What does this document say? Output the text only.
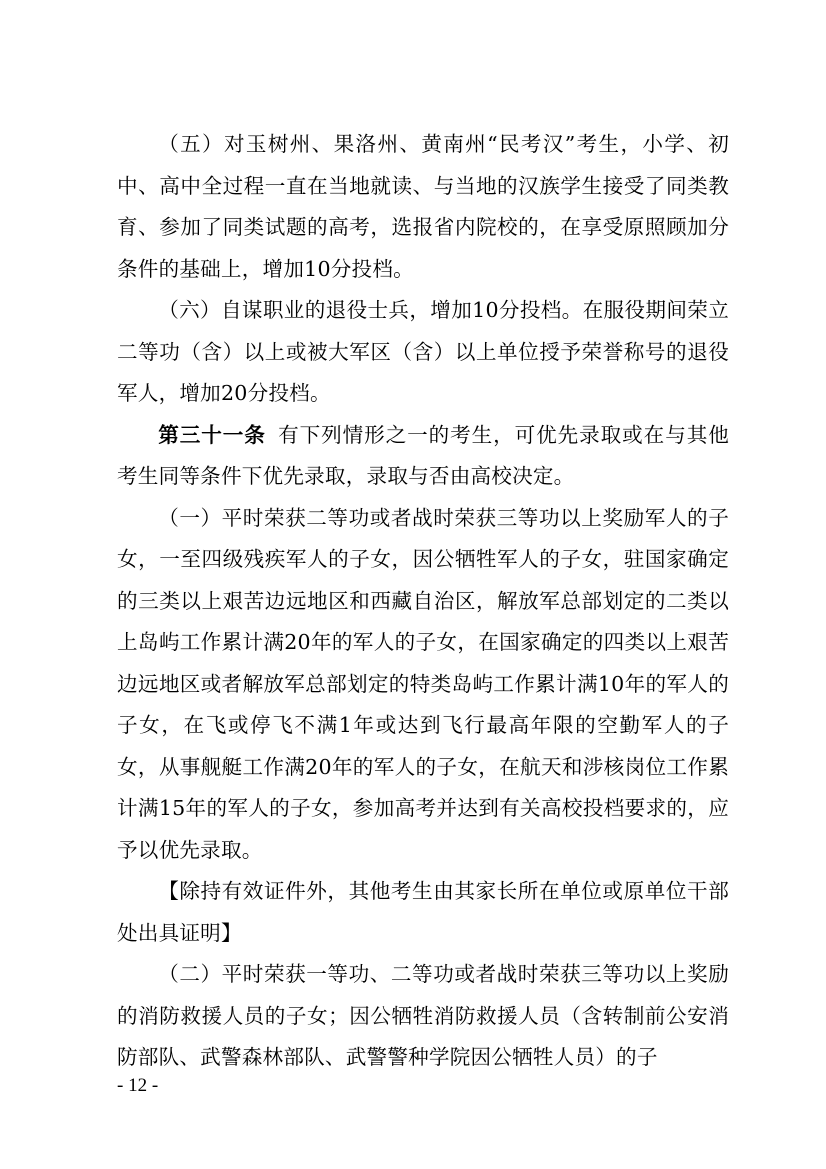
（五）对玉树州、果洛州、黄南州“民考汉”考生，小学、初中、高中全过程一直在当地就读、与当地的汉族学生接受了同类教育、参加了同类试题的高考，选报省内院校的，在享受原照顾加分条件的基础上，增加10分投档。

（六）自谋职业的退役士兵，增加10分投档。在服役期间荣立二等功（含）以上或被大军区（含）以上单位授予荣誉称号的退役军人，增加20分投档。

第三十一条 有下列情形之一的考生，可优先录取或在与其他考生同等条件下优先录取，录取与否由高校决定。

（一）平时荣获二等功或者战时荣获三等功以上奖励军人的子女，一至四级残疾军人的子女，因公牺牲军人的子女，驻国家确定的三类以上艰苦边远地区和西藏自治区，解放军总部划定的二类以上岛屿工作累计满20年的军人的子女，在国家确定的四类以上艰苦边远地区或者解放军总部划定的特类岛屿工作累计满10年的军人的子女，在飞或停飞不满1年或达到飞行最高年限的空勤军人的子女，从事舰艇工作满20年的军人的子女，在航天和涉核岗位工作累计满15年的军人的子女，参加高考并达到有关高校投档要求的，应予以优先录取。

【除持有效证件外，其他考生由其家长所在单位或原单位干部处出具证明】

（二）平时荣获一等功、二等功或者战时荣获三等功以上奖励的消防救援人员的子女；因公牺牲消防救援人员（含转制前公安消防部队、武警森林部队、武警警种学院因公牺牲人员）的子

- 12 -
